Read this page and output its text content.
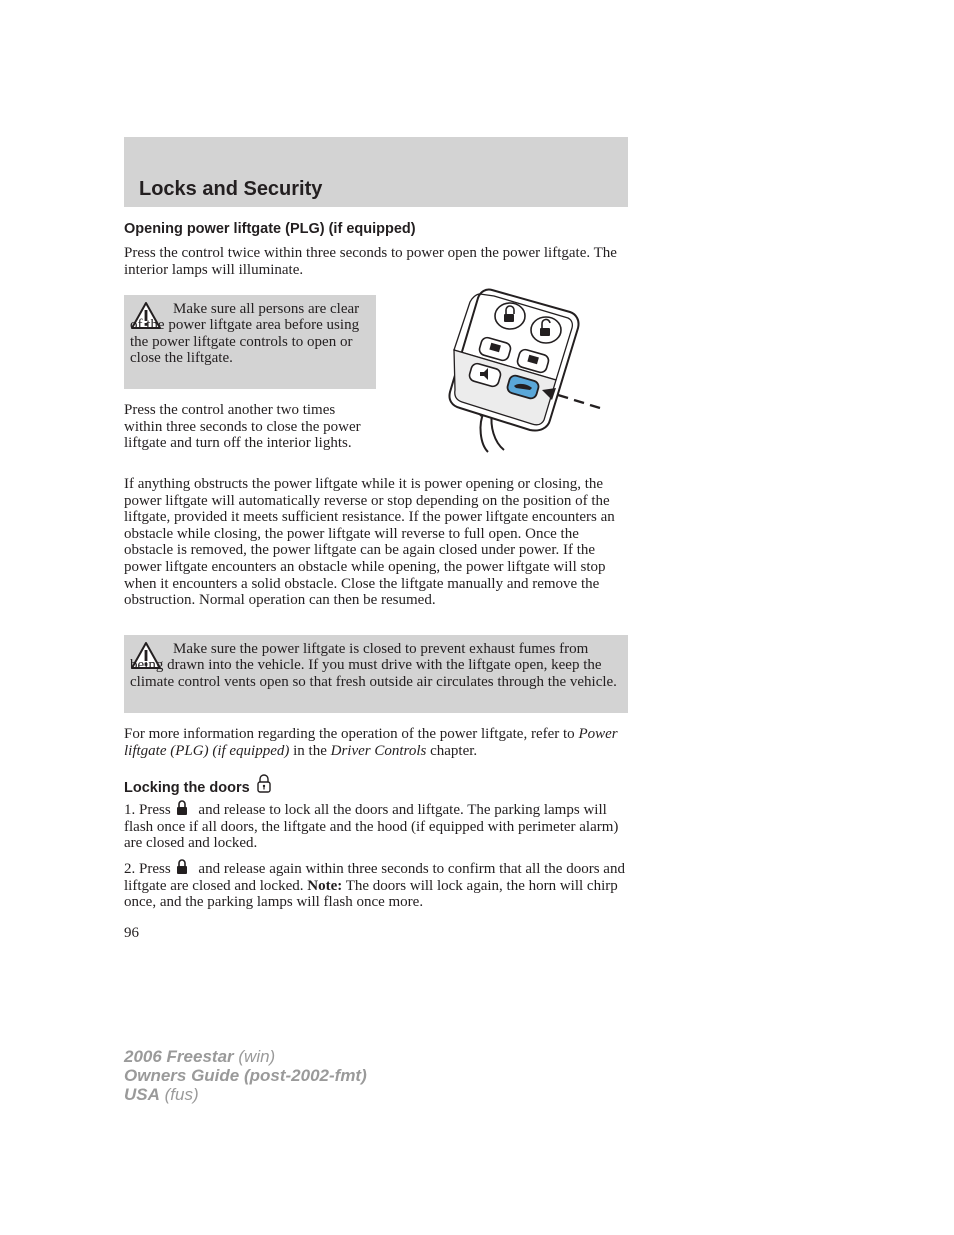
Locks and Security
Opening power liftgate (PLG) (if equipped)

Press the control twice within three seconds to power open the power liftgate. The interior lamps will illuminate.

Make sure all persons are clear of the power liftgate area before using the power liftgate controls to open or close the liftgate.

Press the control another two times within three seconds to close the power liftgate and turn off the interior lights.

If anything obstructs the power liftgate while it is power opening or closing, the power liftgate will automatically reverse or stop depending on the position of the liftgate, provided it meets sufficient resistance. If the power liftgate encounters an obstacle while closing, the power liftgate will reverse to full open. Once the obstacle is removed, the power liftgate can be again closed under power. If the power liftgate encounters an obstacle while opening, the power liftgate will stop when it encounters a solid obstacle. Close the liftgate manually and remove the obstruction. Normal operation can then be resumed.

Make sure the power liftgate is closed to prevent exhaust fumes from being drawn into the vehicle. If you must drive with the liftgate open, keep the climate control vents open so that fresh outside air circulates through the vehicle.

For more information regarding the operation of the power liftgate, refer to Power liftgate (PLG) (if equipped) in the Driver Controls chapter.

Locking the doors

1. Press and release to lock all the doors and liftgate. The parking lamps will flash once if all doors, the liftgate and the hood (if equipped with perimeter alarm) are closed and locked.

2. Press and release again within three seconds to confirm that all the doors and liftgate are closed and locked. Note: The doors will lock again, the horn will chirp once, and the parking lamps will flash once more.

96

2006 Freestar (win)
Owners Guide (post-2002-fmt)
USA (fus)
